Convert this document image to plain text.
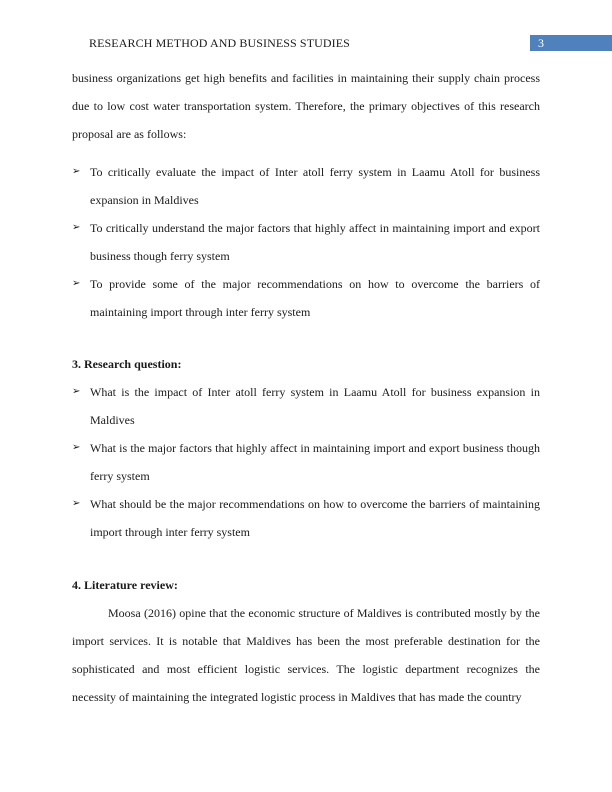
RESEARCH METHOD AND BUSINESS STUDIES	3

business organizations get high benefits and facilities in maintaining their supply chain process due to low cost water transportation system. Therefore, the primary objectives of this research proposal are as follows:

➢ To critically evaluate the impact of Inter atoll ferry system in Laamu Atoll for business expansion in Maldives
➢ To critically understand the major factors that highly affect in maintaining import and export business though ferry system
➢ To provide some of the major recommendations on how to overcome the barriers of maintaining import through inter ferry system

3. Research question:

➢ What is the impact of Inter atoll ferry system in Laamu Atoll for business expansion in Maldives
➢ What is the major factors that highly affect in maintaining import and export business though ferry system
➢ What should be the major recommendations on how to overcome the barriers of maintaining import through inter ferry system

4. Literature review:

Moosa (2016) opine that the economic structure of Maldives is contributed mostly by the import services. It is notable that Maldives has been the most preferable destination for the sophisticated and most efficient logistic services. The logistic department recognizes the necessity of maintaining the integrated logistic process in Maldives that has made the country
